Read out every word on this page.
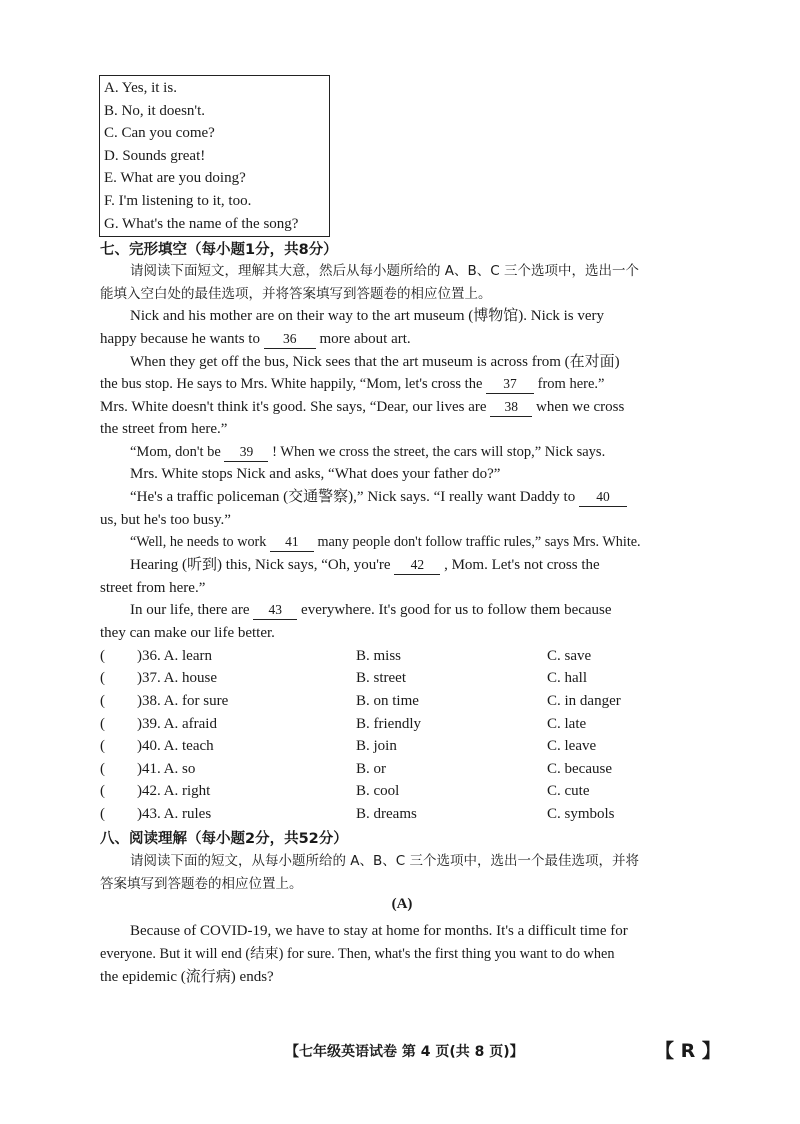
A. Yes, it is.
B. No, it doesn't.
C. Can you come?
D. Sounds great!
E. What are you doing?
F. I'm listening to it, too.
G. What's the name of the song?
七、完形填空（每小题1分，共8分）
请阅读下面短文，理解其大意，然后从每小题所给的 A、B、C 三个选项中，选出一个
能填入空白处的最佳选项，并将答案填写到答题卷的相应位置上。
Nick and his mother are on their way to the art museum (博物馆). Nick is very
happy because he wants to 36 more about art.
When they get off the bus, Nick sees that the art museum is across from (在对面)
the bus stop. He says to Mrs. White happily, “Mom, let's cross the 37 from here.”
Mrs. White doesn't think it's good. She says, “Dear, our lives are 38 when we cross
the street from here.”
“Mom, don't be 39 ! When we cross the street, the cars will stop,” Nick says.
Mrs. White stops Nick and asks, “What does your father do?”
“He's a traffic policeman (交通警察),” Nick says. “I really want Daddy to 40
us, but he's too busy.”
“Well, he needs to work 41 many people don't follow traffic rules,” says Mrs. White.
Hearing (听到) this, Nick says, “Oh, you're 42 , Mom. Let's not cross the
street from here.”
In our life, there are 43 everywhere. It's good for us to follow them because
they can make our life better.
( )36. A. learn	B. miss	C. save
( )37. A. house	B. street	C. hall
( )38. A. for sure	B. on time	C. in danger
( )39. A. afraid	B. friendly	C. late
( )40. A. teach	B. join	C. leave
( )41. A. so	B. or	C. because
( )42. A. right	B. cool	C. cute
( )43. A. rules	B. dreams	C. symbols
八、阅读理解（每小题2分，共52分）
请阅读下面的短文，从每小题所给的 A、B、C 三个选项中，选出一个最佳选项，并将
答案填写到答题卷的相应位置上。
(A)
Because of COVID-19, we have to stay at home for months. It's a difficult time for
everyone. But it will end (结束) for sure. Then, what's the first thing you want to do when
the epidemic (流行病) ends?
【七年级英语试卷 第 4 页(共 8 页)】	【 R 】
